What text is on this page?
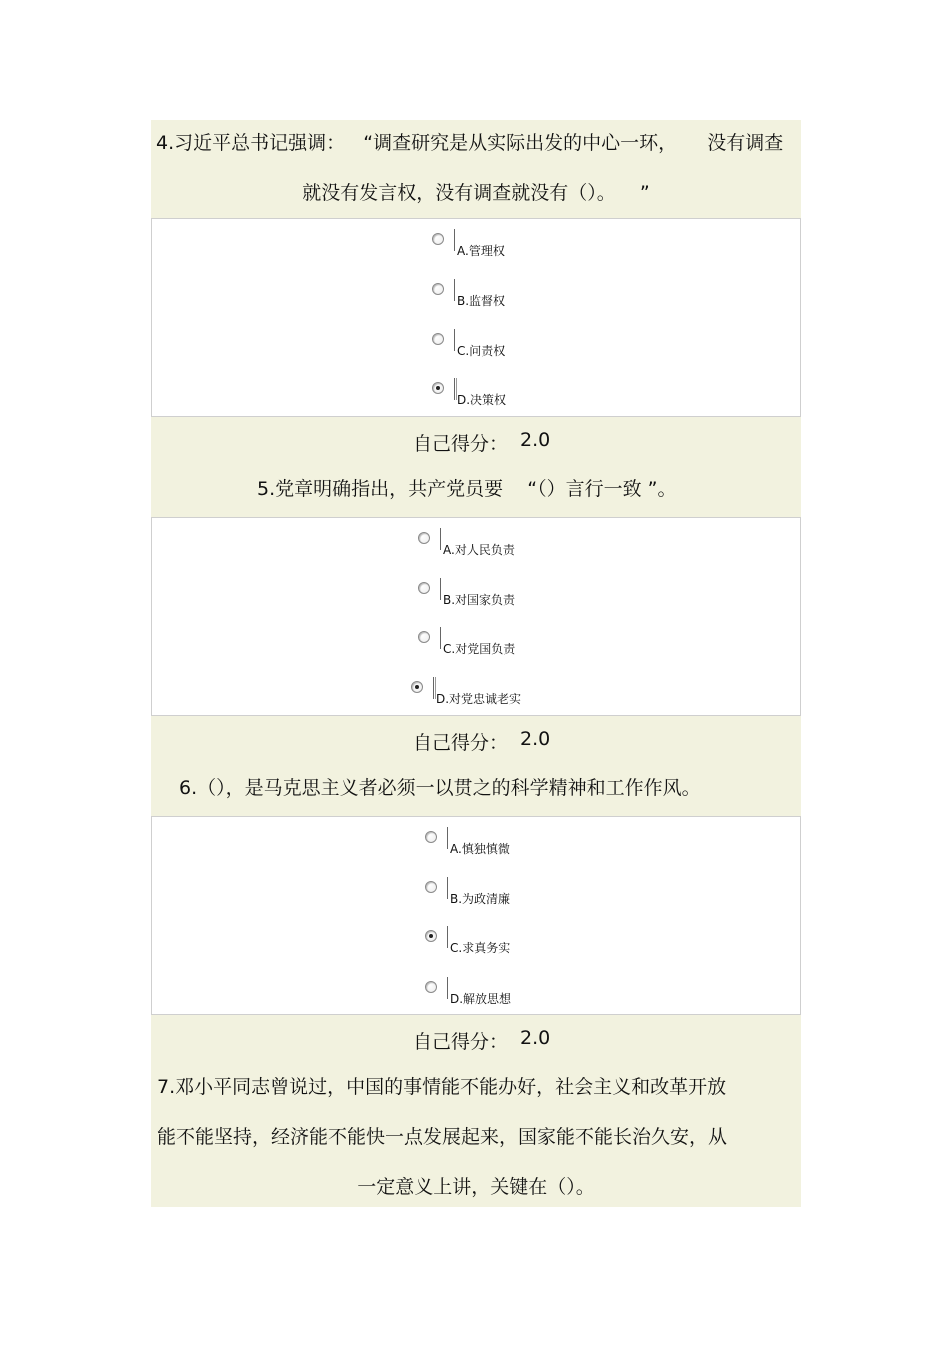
4.习近平总书记强调：   “调查研究是从实际出发的中心一环，     没有调查
就没有发言权，没有调查就没有（）。    ”
A.管理权
B.监督权
C.问责权
D.决策权
自己得分： 2.0
5.党章明确指出，共产党员要    “（）言行一致 ”。
A.对人民负责
B.对国家负责
C.对党国负责
D.对党忠诚老实
自己得分： 2.0
6.（），是马克思主义者必须一以贯之的科学精神和工作作风。
A.慎独慎微
B.为政清廉
C.求真务实
D.解放思想
自己得分： 2.0
7.邓小平同志曾说过，中国的事情能不能办好，社会主义和改革开放
能不能坚持，经济能不能快一点发展起来，国家能不能长治久安，从
一定意义上讲，关键在（）。
